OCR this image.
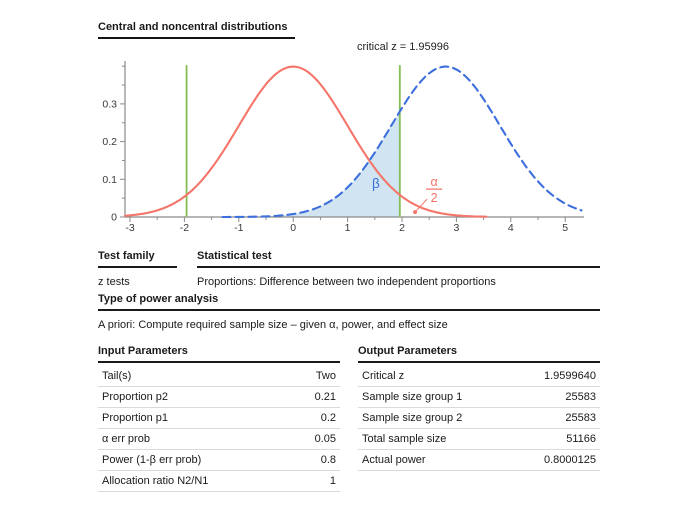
Central and noncentral distributions
-3	-2	-1	0	1	2	3	4	5
0
0.1
0.2
0.3
critical z = 1.95996
β	α
2
Test family
z tests
Statistical test
Proportions: Difference between two independent proportions
Type of power analysis
A priori: Compute required sample size – given α, power, and effect size
Input Parameters
Tail(s)	Two
Proportion p2	0.21
Proportion p1	0.2
α err prob	0.05
Power (1-β err prob)	0.8
Allocation ratio N2/N1	1
Output Parameters
Critical z	1.9599640
Sample size group 1	25583
Sample size group 2	25583
Total sample size	51166
Actual power	0.8000125
